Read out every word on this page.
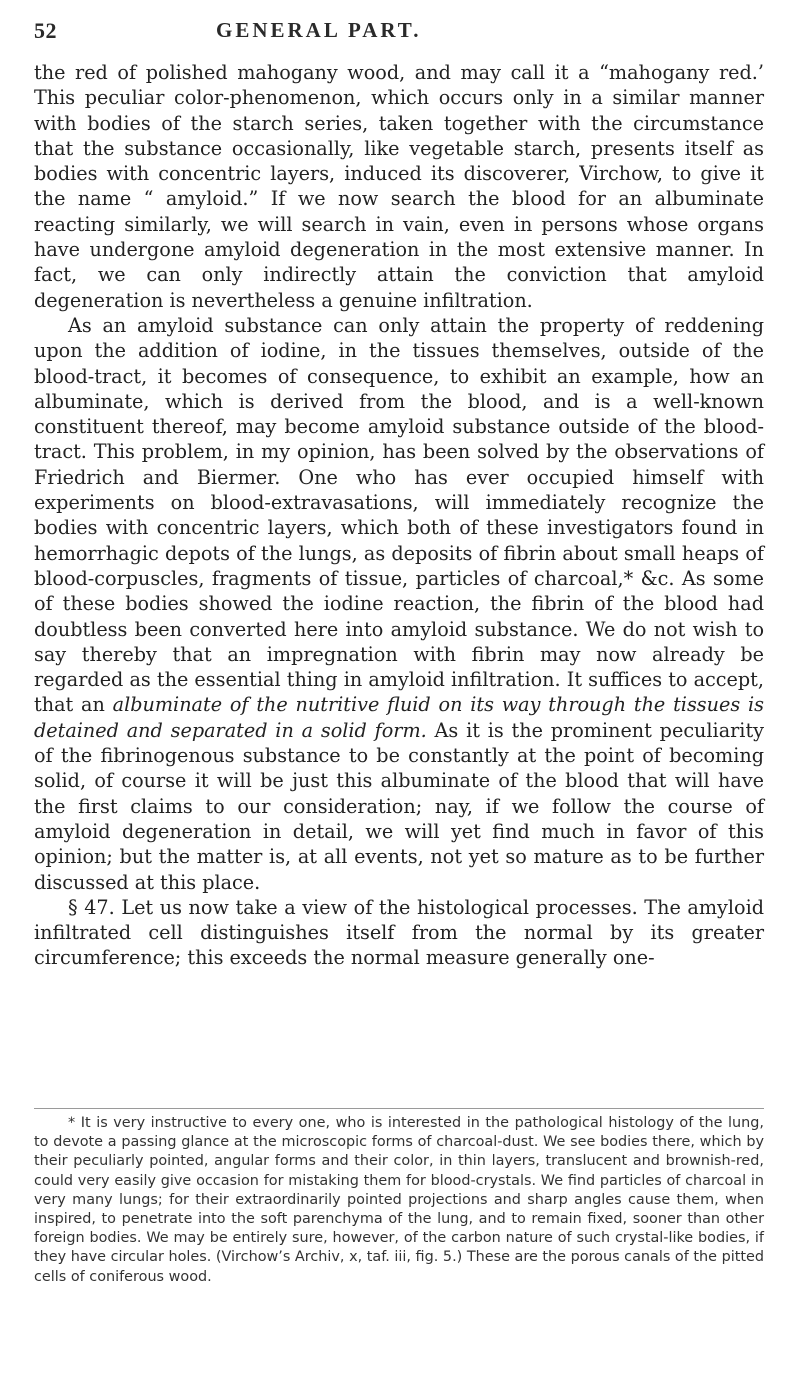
52	GENERAL PART.

the red of polished mahogany wood, and may call it a “mahogany red.’ This peculiar color-phenomenon, which occurs only in a similar manner with bodies of the starch series, taken together with the circumstance that the substance occasionally, like vegetable starch, presents itself as bodies with concentric layers, induced its discoverer, Virchow, to give it the name “ amyloid.” If we now search the blood for an albuminate reacting similarly, we will search in vain, even in persons whose organs have undergone amyloid degeneration in the most extensive manner. In fact, we can only indirectly attain the conviction that amyloid degeneration is nevertheless a genuine infiltration.

As an amyloid substance can only attain the property of reddening upon the addition of iodine, in the tissues themselves, outside of the blood-tract, it becomes of consequence, to exhibit an example, how an albuminate, which is derived from the blood, and is a well-known constituent thereof, may become amyloid substance outside of the blood-tract. This problem, in my opinion, has been solved by the observations of Friedrich and Biermer. One who has ever occupied himself with experiments on blood-extravasations, will immediately recognize the bodies with concentric layers, which both of these investigators found in hemorrhagic depots of the lungs, as deposits of fibrin about small heaps of blood-corpuscles, fragments of tissue, particles of charcoal,* &c. As some of these bodies showed the iodine reaction, the fibrin of the blood had doubtless been converted here into amyloid substance. We do not wish to say thereby that an impregnation with fibrin may now already be regarded as the essential thing in amyloid infiltration. It suffices to accept, that an albuminate of the nutritive fluid on its way through the tissues is detained and separated in a solid form. As it is the prominent peculiarity of the fibrinogenous substance to be constantly at the point of becoming solid, of course it will be just this albuminate of the blood that will have the first claims to our consideration; nay, if we follow the course of amyloid degeneration in detail, we will yet find much in favor of this opinion; but the matter is, at all events, not yet so mature as to be further discussed at this place.

§ 47. Let us now take a view of the histological processes. The amyloid infiltrated cell distinguishes itself from the normal by its greater circumference; this exceeds the normal measure generally one-

* It is very instructive to every one, who is interested in the pathological histology of the lung, to devote a passing glance at the microscopic forms of charcoal-dust. We see bodies there, which by their peculiarly pointed, angular forms and their color, in thin layers, translucent and brownish-red, could very easily give occasion for mistaking them for blood-crystals. We find particles of charcoal in very many lungs; for their extraordinarily pointed projections and sharp angles cause them, when inspired, to penetrate into the soft parenchyma of the lung, and to remain fixed, sooner than other foreign bodies. We may be entirely sure, however, of the carbon nature of such crystal-like bodies, if they have circular holes. (Virchow’s Archiv, x, taf. iii, fig. 5.) These are the porous canals of the pitted cells of coniferous wood.
